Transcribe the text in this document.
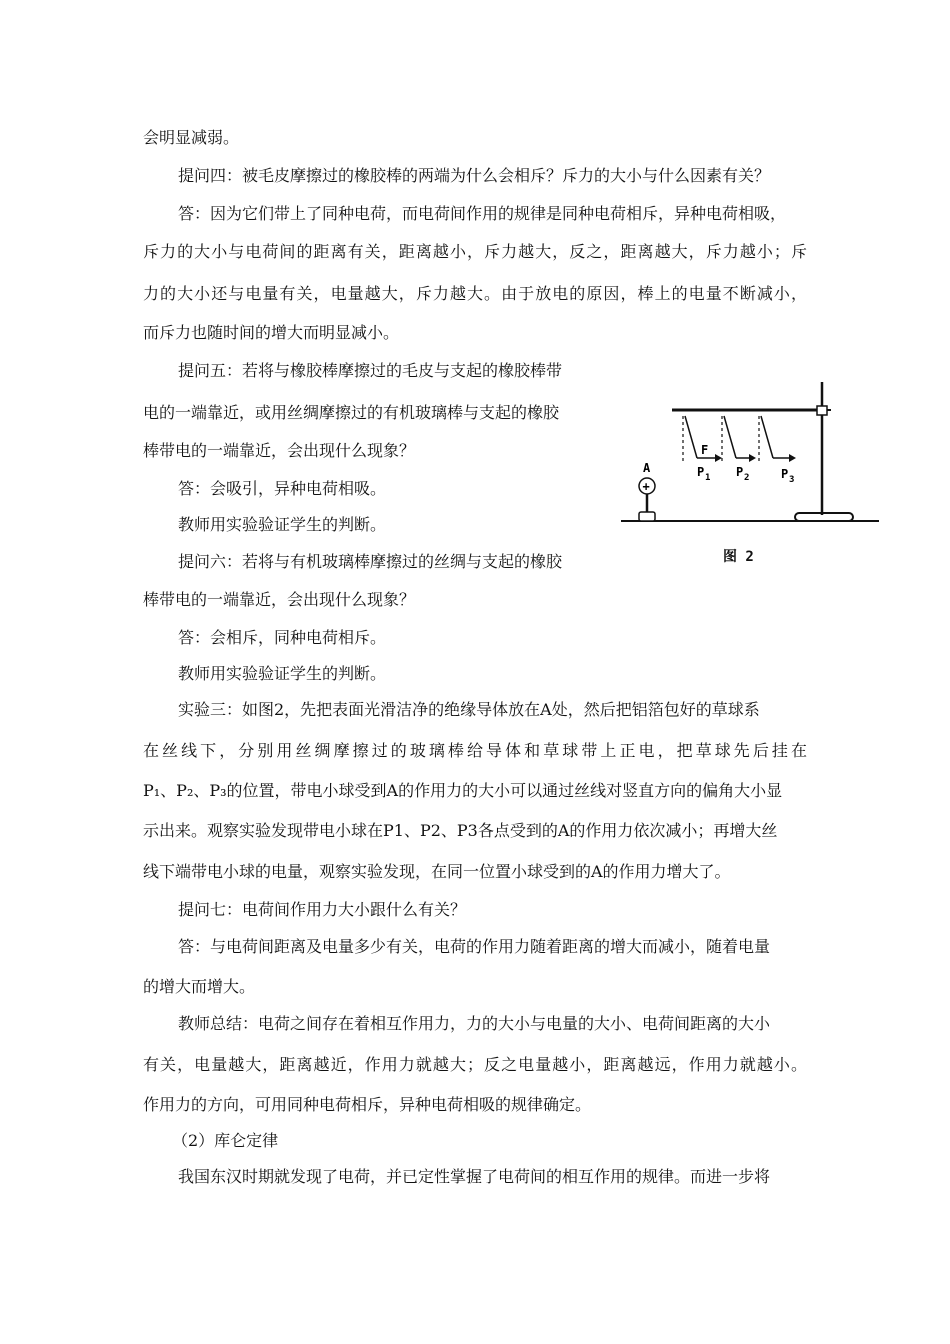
会明显减弱。
提问四：被毛皮摩擦过的橡胶棒的两端为什么会相斥？斥力的大小与什么因素有关？
答：因为它们带上了同种电荷，而电荷间作用的规律是同种电荷相斥，异种电荷相吸，
斥力的大小与电荷间的距离有关，距离越小，斥力越大，反之，距离越大，斥力越小；斥
力的大小还与电量有关，电量越大，斥力越大。由于放电的原因，棒上的电量不断减小，
而斥力也随时间的增大而明显减小。
提问五：若将与橡胶棒摩擦过的毛皮与支起的橡胶棒带
电的一端靠近，或用丝绸摩擦过的有机玻璃棒与支起的橡胶
棒带电的一端靠近，会出现什么现象？
答：会吸引，异种电荷相吸。
教师用实验验证学生的判断。
提问六：若将与有机玻璃棒摩擦过的丝绸与支起的橡胶
棒带电的一端靠近，会出现什么现象？
答：会相斥，同种电荷相斥。
教师用实验验证学生的判断。
实验三：如图2，先把表面光滑洁净的绝缘导体放在A处，然后把铝箔包好的草球系
在丝线下，分别用丝绸摩擦过的玻璃棒给导体和草球带上正电，把草球先后挂在
P₁、P₂、P₃的位置，带电小球受到A的作用力的大小可以通过丝线对竖直方向的偏角大小显
示出来。观察实验发现带电小球在P1、P2、P3各点受到的A的作用力依次减小；再增大丝
线下端带电小球的电量，观察实验发现，在同一位置小球受到的A的作用力增大了。
提问七：电荷间作用力大小跟什么有关？
答：与电荷间距离及电量多少有关，电荷的作用力随着距离的增大而减小，随着电量
的增大而增大。
教师总结：电荷之间存在着相互作用力，力的大小与电量的大小、电荷间距离的大小
有关，电量越大，距离越近，作用力就越大；反之电量越小，距离越远，作用力就越小。
作用力的方向，可用同种电荷相斥，异种电荷相吸的规律确定。
（2）库仑定律
我国东汉时期就发现了电荷，并已定性掌握了电荷间的相互作用的规律。而进一步将
F
P 1 P 2	P 3
A
+
图 2
